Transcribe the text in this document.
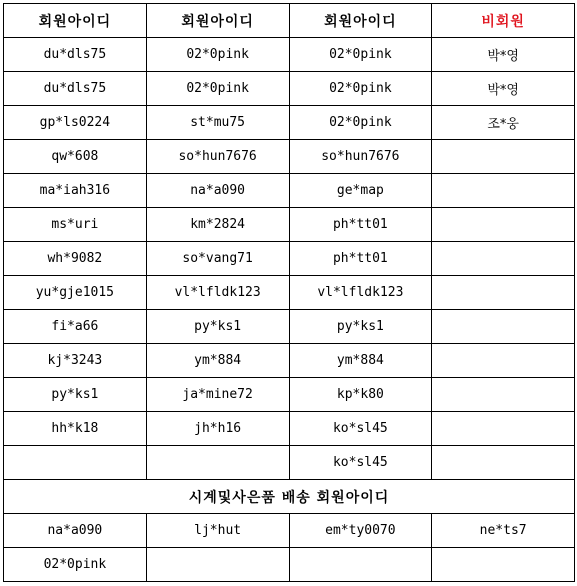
회원아이디	회원아이디	회원아이디	비회원
du*dls75	02*0pink	02*0pink	박*영
du*dls75	02*0pink	02*0pink	박*영
gp*ls0224	st*mu75	02*0pink	조*웅
qw*608	so*hun7676	so*hun7676	
ma*iah316	na*a090	ge*map	
ms*uri	km*2824	ph*tt01	
wh*9082	so*vang71	ph*tt01	
yu*gje1015	vl*lfldk123	vl*lfldk123	
fi*a66	py*ks1	py*ks1	
kj*3243	ym*884	ym*884	
py*ks1	ja*mine72	kp*k80	
hh*k18	jh*h16	ko*sl45	
		ko*sl45	
시계및사은품 배송 회원아이디			
na*a090	lj*hut	em*ty0070	ne*ts7
02*0pink			
